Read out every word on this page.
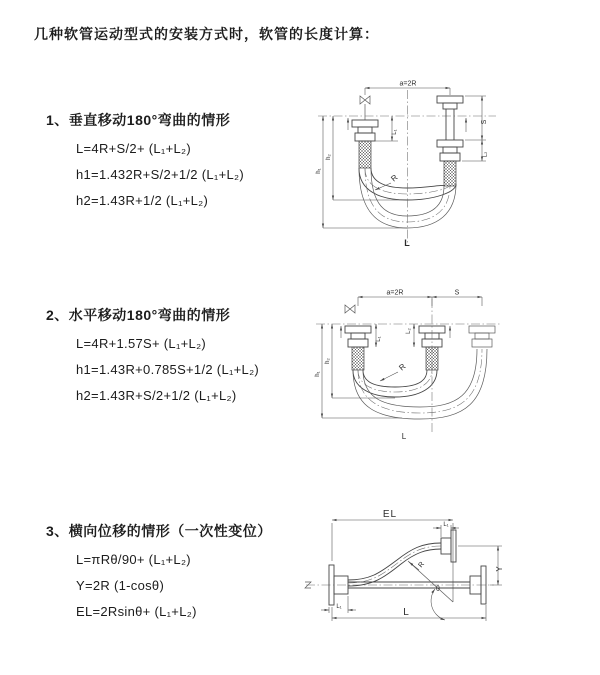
几种软管运动型式的安装方式时，软管的长度计算：
1、垂直移动180°弯曲的情形
L=4R+S/2+ (L₁+L₂)
h1=1.432R+S/2+1/2 (L₁+L₂)
h2=1.43R+1/2 (L₁+L₂)
2、水平移动180°弯曲的情形
L=4R+1.57S+ (L₁+L₂)
h1=1.43R+0.785S+1/2 (L₁+L₂)
h2=1.43R+S/2+1/2 (L₁+L₂)
3、横向位移的情形（一次性变位）
L=πRθ/90+ (L₁+L₂)
Y=2R (1-cosθ)
EL=2Rsinθ+ (L₁+L₂)
a=2R
S
L₂
L₁
h₁
h₂
R
L
a=2R	S
L₁
L₂
h₁
h₂
R
L
EL
L₁
Y
θ
R
L₁	L
